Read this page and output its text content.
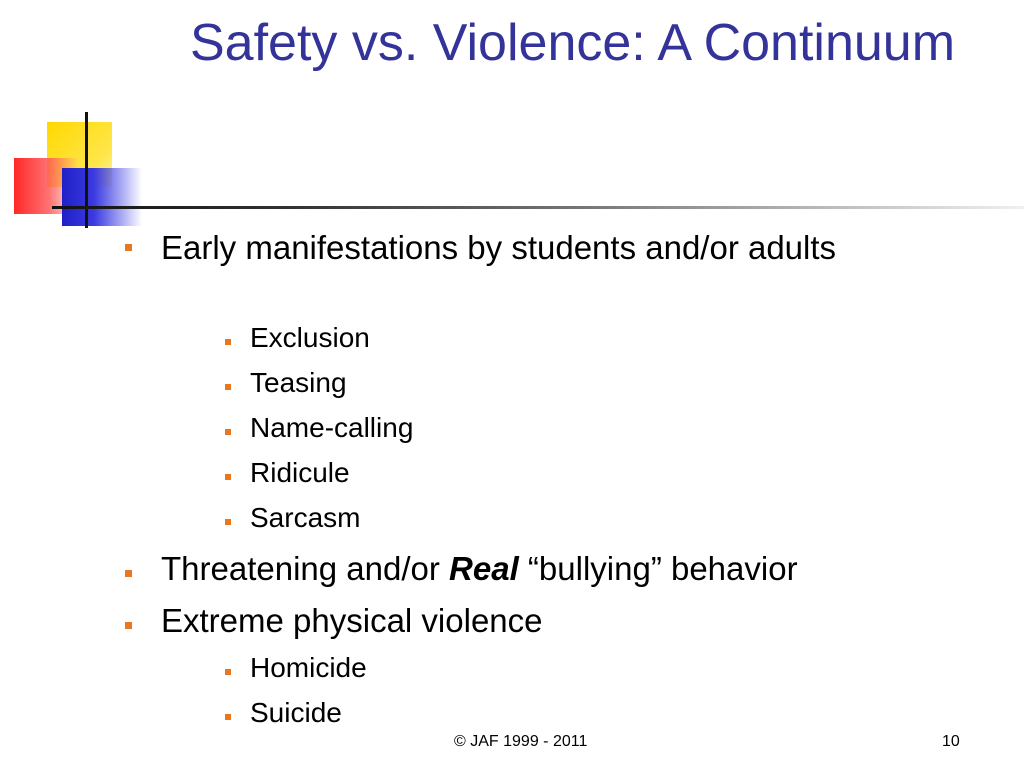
Safety vs. Violence: A Continuum
Early manifestations by students and/or adults
Exclusion
Teasing
Name-calling
Ridicule
Sarcasm
Threatening and/or Real “bullying” behavior
Extreme physical violence
Homicide
Suicide
© JAF 1999 - 2011	10
